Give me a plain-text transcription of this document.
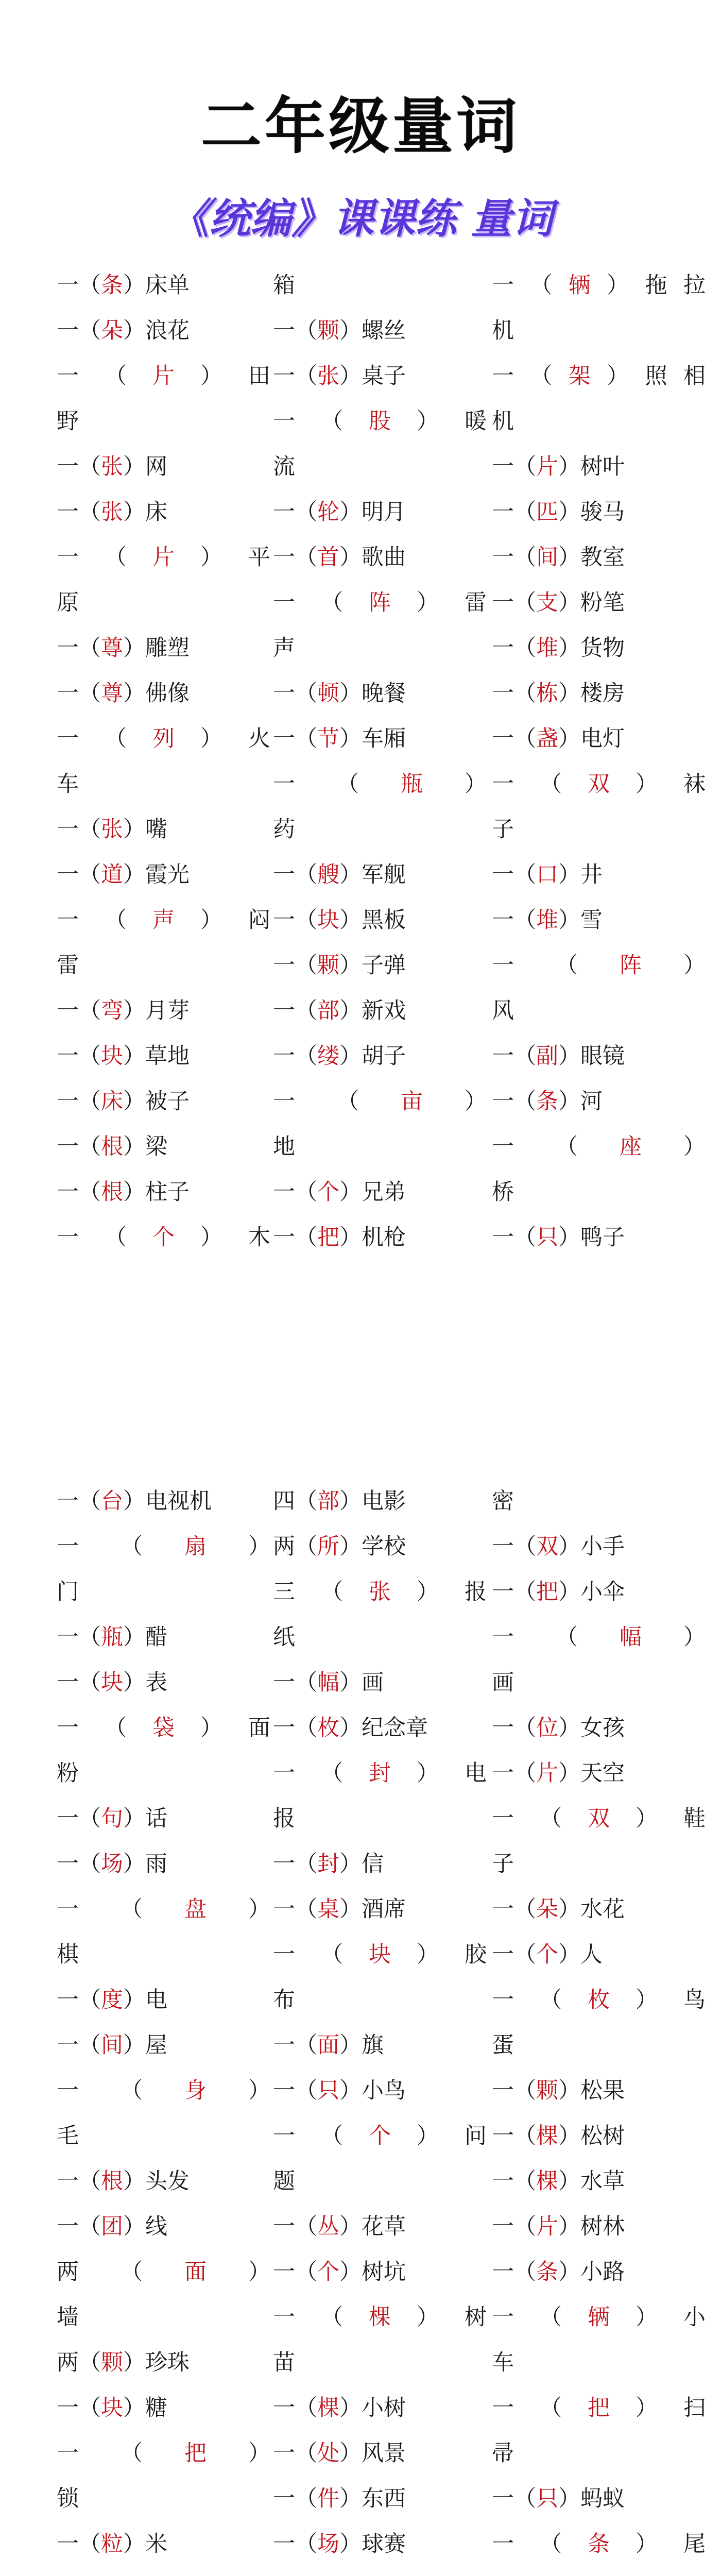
二年级量词
《统编》课课练 量词
一（条）床单
一（朵）浪花
一 （ 片 ） 田
野
一（张）网
一（张）床
一 （ 片 ） 平
原
一（尊）雕塑
一（尊）佛像
一 （ 列 ） 火
车
一（张）嘴
一（道）霞光
一 （ 声 ） 闷
雷
一（弯）月芽
一（块）草地
一（床）被子
一（根）梁
一（根）柱子
一 （ 个 ） 木
箱
一（颗）螺丝
一（张）桌子
一 （ 股 ） 暖
流
一（轮）明月
一（首）歌曲
一 （ 阵 ） 雷
声
一（顿）晚餐
一（节）车厢
一 （ 瓶 ）
药
一（艘）军舰
一（块）黑板
一（颗）子弹
一（部）新戏
一（缕）胡子
一 （ 亩 ）
地
一（个）兄弟
一（把）机枪
一 （ 辆 ） 拖 拉
机
一 （ 架 ） 照 相
机
一（片）树叶
一（匹）骏马
一（间）教室
一（支）粉笔
一（堆）货物
一（栋）楼房
一（盏）电灯
一 （ 双 ） 袜
子
一（口）井
一（堆）雪
一 （ 阵 ）
风
一（副）眼镜
一（条）河
一 （ 座 ）
桥
一（只）鸭子
一（台）电视机
一 （ 扇 ）
门
一（瓶）醋
一（块）表
一 （ 袋 ） 面
粉
一（句）话
一（场）雨
一 （ 盘 ）
棋
一（度）电
一（间）屋
一 （ 身 ）
毛
一（根）头发
一（团）线
两 （ 面 ）
墙
两（颗）珍珠
一（块）糖
一 （ 把 ）
锁
一（粒）米
四（部）电影
两（所）学校
三 （ 张 ） 报
纸
一（幅）画
一（枚）纪念章
一 （ 封 ） 电
报
一（封）信
一（桌）酒席
一 （ 块 ） 胶
布
一（面）旗
一（只）小鸟
一 （ 个 ） 问
题
一（丛）花草
一（个）树坑
一 （ 棵 ） 树
苗
一（棵）小树
一（处）风景
一（件）东西
一（场）球赛
密
一（双）小手
一（把）小伞
一 （ 幅 ）
画
一（位）女孩
一（片）天空
一 （ 双 ） 鞋
子
一（朵）水花
一（个）人
一 （ 枚 ） 鸟
蛋
一（颗）松果
一（棵）松树
一（棵）水草
一（片）树林
一（条）小路
一 （ 辆 ） 小
车
一 （ 把 ） 扫
帚
一（只）蚂蚁
一 （ 条 ） 尾
